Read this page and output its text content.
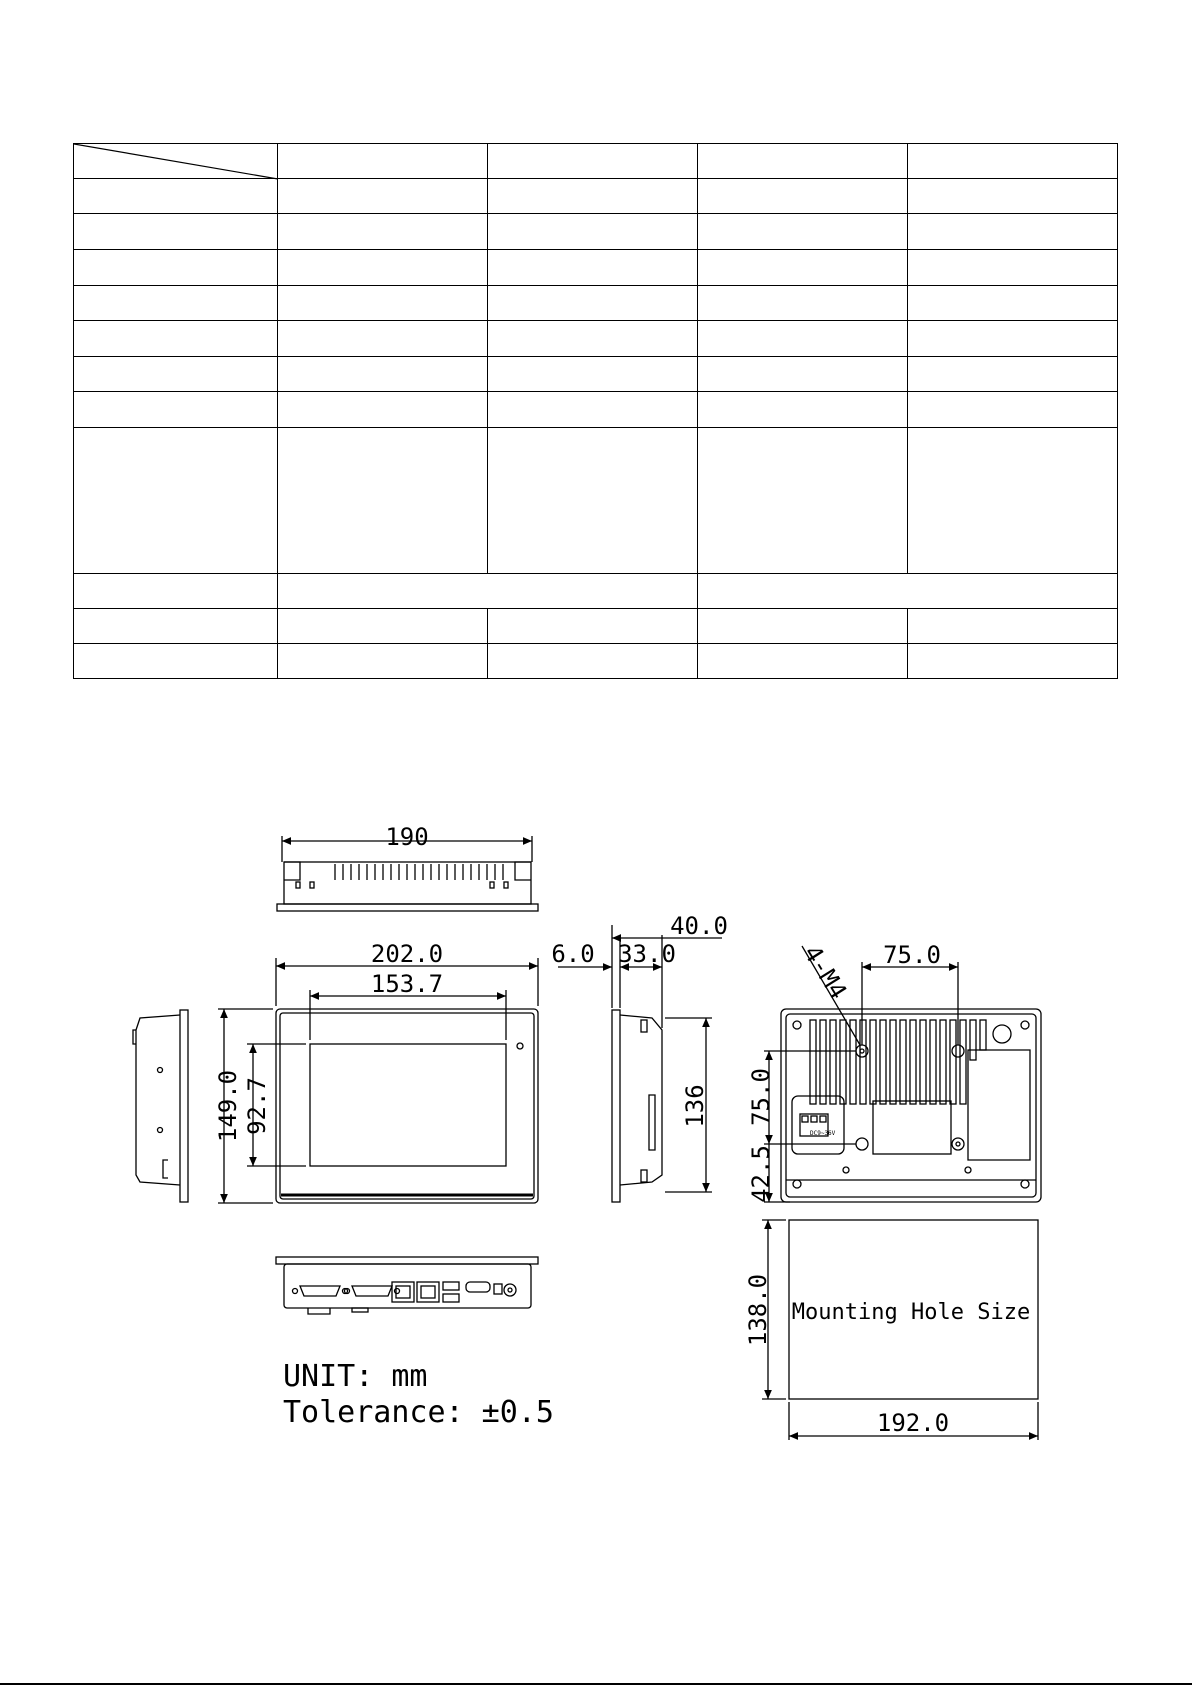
190
202.0
153.7
149.0 92.7
6.0 33.0
40.0
136
75.0
4-M4
75.0
42.5
DC9~36V
138.0
192.0
Mounting Hole Size
UNIT: mm
Tolerance: ±0.5
